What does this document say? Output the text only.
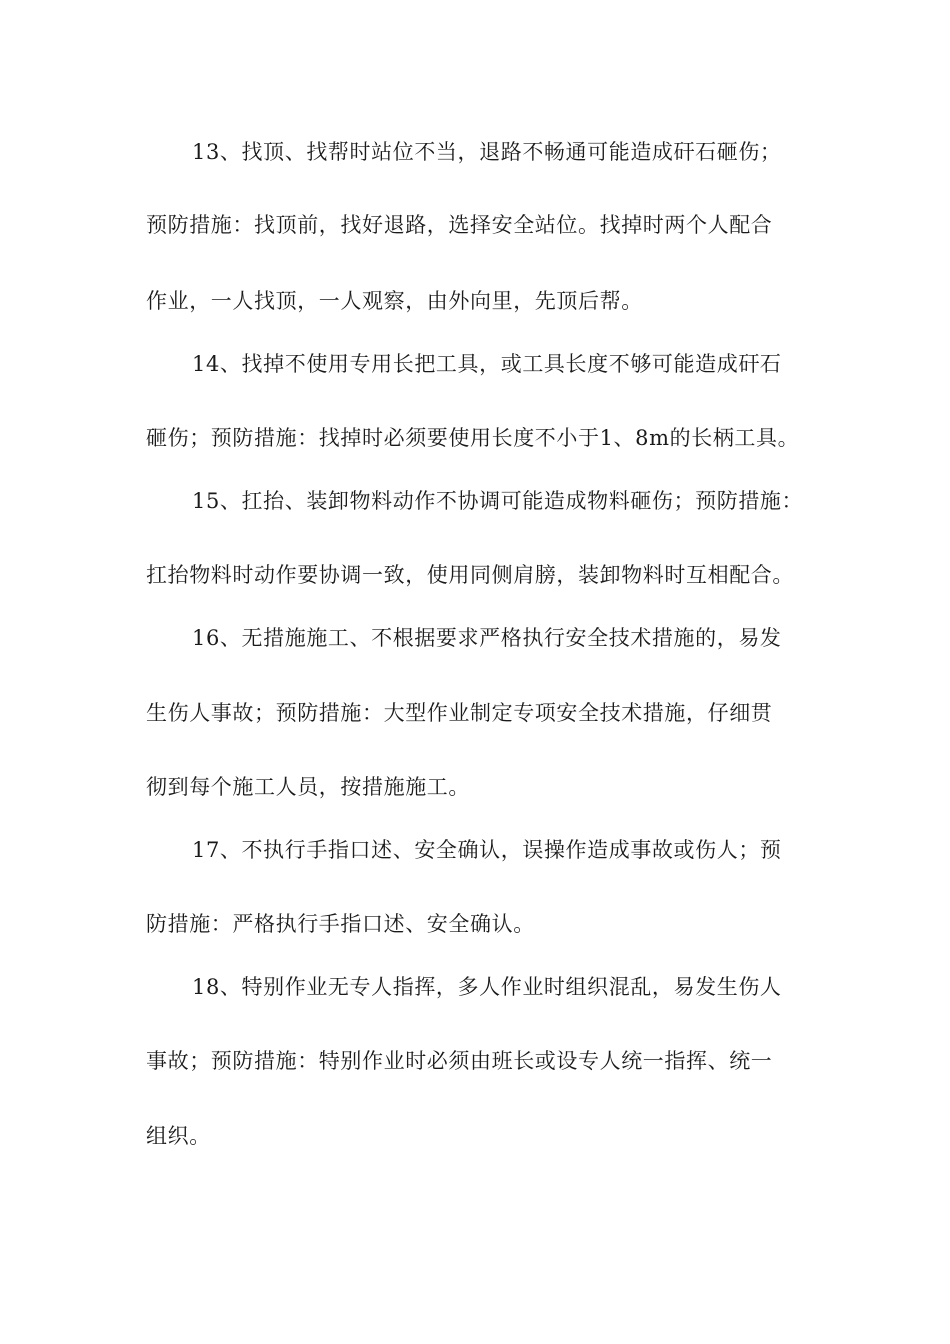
13、找顶、找帮时站位不当，退路不畅通可能造成矸石砸伤；
预防措施：找顶前，找好退路，选择安全站位。找掉时两个人配合
作业，一人找顶，一人观察，由外向里，先顶后帮。
14、找掉不使用专用长把工具，或工具长度不够可能造成矸石
砸伤；预防措施：找掉时必须要使用长度不小于1、8m的长柄工具。
15、扛抬、装卸物料动作不协调可能造成物料砸伤；预防措施：
扛抬物料时动作要协调一致，使用同侧肩膀，装卸物料时互相配合。
16、无措施施工、不根据要求严格执行安全技术措施的，易发
生伤人事故；预防措施：大型作业制定专项安全技术措施，仔细贯
彻到每个施工人员，按措施施工。
17、不执行手指口述、安全确认，误操作造成事故或伤人；预
防措施：严格执行手指口述、安全确认。
18、特别作业无专人指挥，多人作业时组织混乱，易发生伤人
事故；预防措施：特别作业时必须由班长或设专人统一指挥、统一
组织。
